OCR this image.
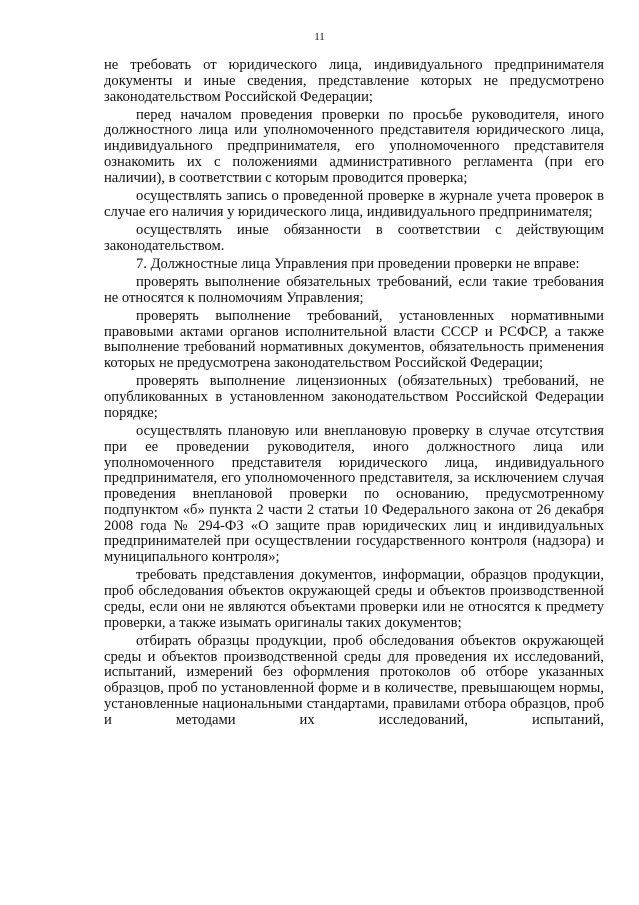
11

не требовать от юридического лица, индивидуального предпринимателя документы и иные сведения, представление которых не предусмотрено законодательством Российской Федерации;

перед началом проведения проверки по просьбе руководителя, иного должностного лица или уполномоченного представителя юридического лица, индивидуального предпринимателя, его уполномоченного представителя ознакомить их с положениями административного регламента (при его наличии), в соответствии с которым проводится проверка;

осуществлять запись о проведенной проверке в журнале учета проверок в случае его наличия у юридического лица, индивидуального предпринимателя;

осуществлять иные обязанности в соответствии с действующим законодательством.

7. Должностные лица Управления при проведении проверки не вправе:

проверять выполнение обязательных требований, если такие требования не относятся к полномочиям Управления;

проверять выполнение требований, установленных нормативными правовыми актами органов исполнительной власти СССР и РСФСР, а также выполнение требований нормативных документов, обязательность применения которых не предусмотрена законодательством Российской Федерации;

проверять выполнение лицензионных (обязательных) требований, не опубликованных в установленном законодательством Российской Федерации порядке;

осуществлять плановую или внеплановую проверку в случае отсутствия при ее проведении руководителя, иного должностного лица или уполномоченного представителя юридического лица, индивидуального предпринимателя, его уполномоченного представителя, за исключением случая проведения внеплановой проверки по основанию, предусмотренному подпунктом «б» пункта 2 части 2 статьи 10 Федерального закона от 26 декабря 2008 года № 294-ФЗ «О защите прав юридических лиц и индивидуальных предпринимателей при осуществлении государственного контроля (надзора) и муниципального контроля»;

требовать представления документов, информации, образцов продукции, проб обследования объектов окружающей среды и объектов производственной среды, если они не являются объектами проверки или не относятся к предмету проверки, а также изымать оригиналы таких документов;

отбирать образцы продукции, проб обследования объектов окружающей среды и объектов производственной среды для проведения их исследований, испытаний, измерений без оформления протоколов об отборе указанных образцов, проб по установленной форме и в количестве, превышающем нормы, установленные национальными стандартами, правилами отбора образцов, проб и методами их исследований, испытаний,
